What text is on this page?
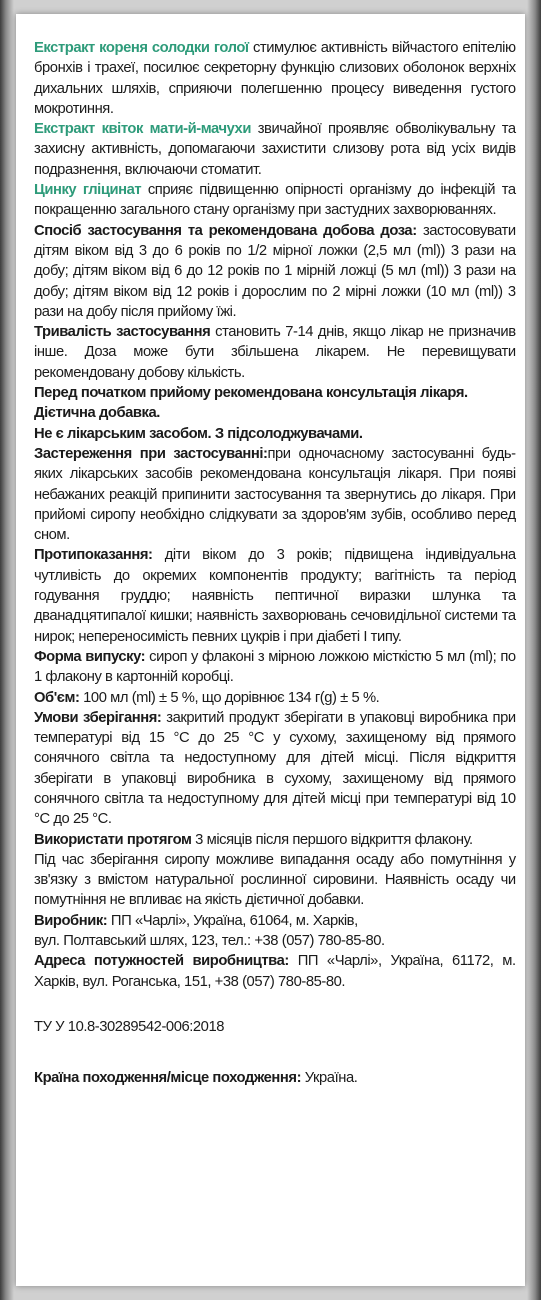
Екстракт кореня солодки голої стимулює активність війчастого епітелію бронхів і трахеї, посилює секреторну функцію слизових оболонок верхніх дихальних шляхів, сприяючи полегшенню процесу виведення густого мокротиння.

Екстракт квіток мати-й-мачухи звичайної проявляє обволікувальну та захисну активність, допомагаючи захистити слизову рота від усіх видів подразнення, включаючи стоматит.

Цинку гліцинат сприяє підвищенню опірності організму до інфекцій та покращенню загального стану організму при застудних захворюваннях.

Спосіб застосування та рекомендована добова доза: застосовувати дітям віком від 3 до 6 років по 1/2 мірної ложки (2,5 мл (ml)) 3 рази на добу; дітям віком від 6 до 12 років по 1 мірній ложці (5 мл (ml)) 3 рази на добу; дітям віком від 12 років і дорослим по 2 мірні ложки (10 мл (ml)) 3 рази на добу після прийому їжі.

Тривалість застосування становить 7-14 днів, якщо лікар не призначив інше. Доза може бути збільшена лікарем. Не перевищувати рекомендовану добову кількість.

Перед початком прийому рекомендована консультація лікаря.

Дієтична добавка.

Не є лікарським засобом. З підсолоджувачами.

Застереження при застосуванні:при одночасному застосуванні будь-яких лікарських засобів рекомендована консультація лікаря. При появі небажаних реакцій припинити застосування та звернутись до лікаря. При прийомі сиропу необхідно слідкувати за здоров'ям зубів, особливо перед сном.

Протипоказання: діти віком до 3 років; підвищена індивідуальна чутливість до окремих компонентів продукту; вагітність та період годування груддю; наявність пептичної виразки шлунка та дванадцятипалої кишки; наявність захворювань сечовидільної системи та нирок; непереносимість певних цукрів і при діабеті I типу.

Форма випуску: сироп у флаконі з мірною ложкою місткістю 5 мл (ml); по 1 флакону в картонній коробці.

Об'єм: 100 мл (ml) ± 5 %, що дорівнює 134 г(g) ± 5 %.

Умови зберігання: закритий продукт зберігати в упаковці виробника при температурі від 15 °С до 25 °С у сухому, захищеному від прямого сонячного світла та недоступному для дітей місці. Після відкриття зберігати в упаковці виробника в сухому, захищеному від прямого сонячного світла та недоступному для дітей місці при температурі від 10 °С до 25 °С.

Використати протягом 3 місяців після першого відкриття флакону.

Під час зберігання сиропу можливе випадання осаду або помутніння у зв'язку з вмістом натуральної рослинної сировини. Наявність осаду чи помутніння не впливає на якість дієтичної добавки.

Виробник: ПП «Чарлі», Україна, 61064, м. Харків,
вул. Полтавський шлях, 123, тел.: +38 (057) 780-85-80.

Адреса потужностей виробництва: ПП «Чарлі», Україна, 61172, м. Харків, вул. Роганська, 151, +38 (057) 780-85-80.

ТУ У 10.8-30289542-006:2018

Країна походження/місце походження: Україна.
